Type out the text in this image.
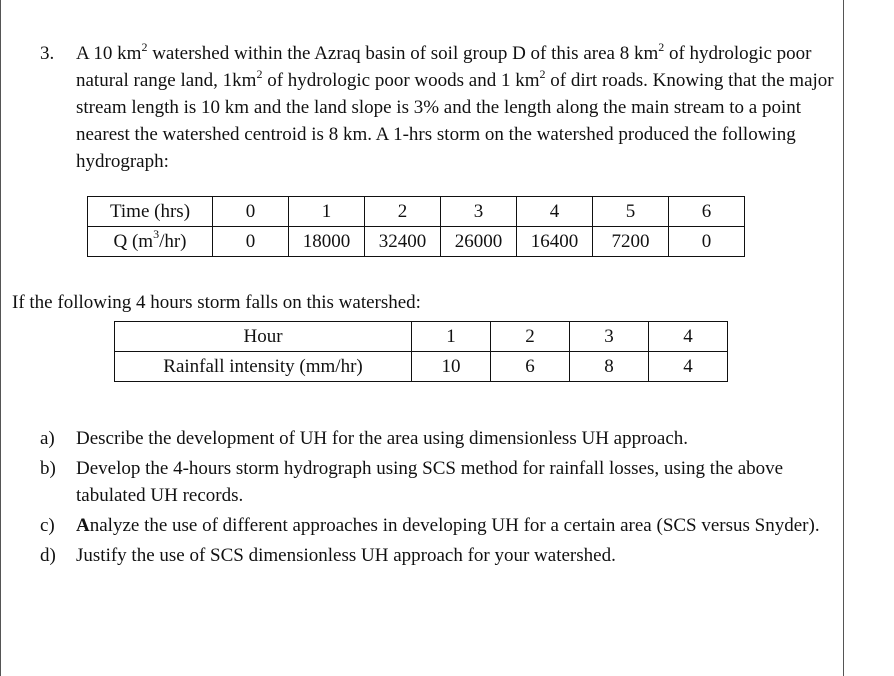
3. A 10 $km^2$ watershed within the Azraq basin of soil group D of this area 8 $km^2$ of hydrologic poor natural range land, $1km^2$ of hydrologic poor woods and 1 $km^2$ of dirt roads. Knowing that the major stream length is 10 km and the land slope is 3% and the length along the main stream to a point nearest the watershed centroid is 8 km. A 1-hrs storm on the watershed produced the following hydrograph:
Time (hrs)	0	1	2	3	4	5	6
Q $(m^3/hr)$	0	18000	32400	26000	16400	7200	0
If the following 4 hours storm falls on this watershed:
Hour	1	2	3	4
Rainfall intensity (mm/hr)	10	6	8	4
a) Describe the development of UH for the area using dimensionless UH approach.
b) Develop the 4-hours storm hydrograph using SCS method for rainfall losses, using the above tabulated UH records.
c) Analyze the use of different approaches in developing UH for a certain area (SCS versus Snyder).
d) Justify the use of SCS dimensionless UH approach for your watershed.
